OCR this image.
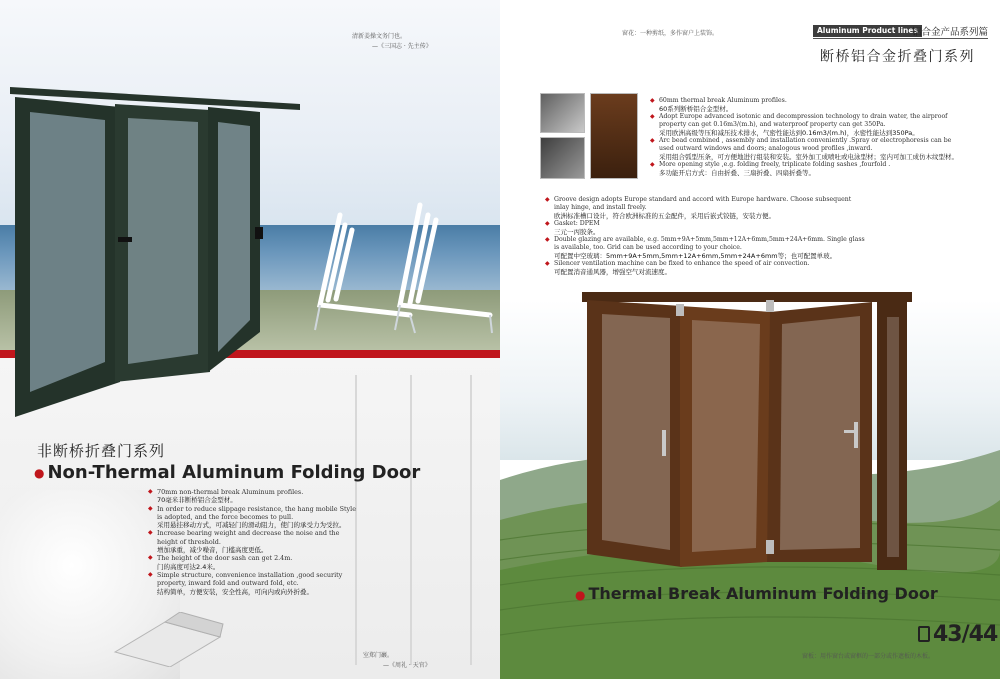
清新姜操文务门也。
—《三国志 · 先主传》
非断桥折叠门系列
● Non-Thermal Aluminum Folding Door
◆ 70mm non-thermal break Aluminum profiles.
70毫米非断桥铝合金型材。
◆ In order to reduce slippage resistance, the hang mobile Style is adopted, and the force becomes to pull.
采用悬挂移动方式，可减轻门的滑动阻力，使门的承受力为受拉。
◆ Increase bearing weight and decrease the noise and the height of threshold.
增加承重，减少噪音，门槛高度更低。
◆ The height of the door sash can get 2.4m.
门的高度可达2.4米。
◆ Simple structure, convenience installation ,good security property, inward fold and outward fold, etc.
结构简单，方便安装，安全性高，可向内或向外折叠。
室郑门巖。
—《周礼 · 天官》
窗花：一种剪纸，多作窗户上装饰。	Aluminum Product lines
铝合金产品系列篇
断桥铝合金折叠门系列
◆ 60mm thermal break Aluminum profiles.
60系列断桥铝合金型材。
◆ Adopt Europe advanced isotonic and decompression technology to drain water, the airproof property can get 0.16m3/(m.h), and waterproof property can get 350Pa.
采用欧洲高级等压和减压技术排水，气密性能达到0.16m3/(m.h)，水密性能达到350Pa。
◆ Arc bead combined , assembly and installation conveniently .Spray or electrophoresis can be used outward windows and doors; analogous wood profiles ,inward.
采用组合弧型压条，可方便地进行组装和安装。室外加工成喷吐或电泳型材；室内可加工成仿木纹型材。
◆ More opening style ,e.g. folding freely, triplicate folding sashes ,fourfold .
多功能开启方式：自由折叠、三扇折叠、四扇折叠等。
◆ Groove design adopts Europe standard and accord with Europe hardware. Choose subsequent inlay hinge, and install freely.
欧洲标准槽口设计，符合欧洲标准的五金配件，采用后嵌式铰链，安装方便。
◆ Gasket: DPEM
三元一丙胶条。
◆ Double glazing are available, e.g. 5mm+9A+5mm,5mm+12A+6mm,5mm+24A+6mm. Single glass is available, too. Grid can be used according to your choice.
可配置中空玻璃：5mm+9A+5mm,5mm+12A+6mm,5mm+24A+6mm等；也可配置单玻。
◆ Silencer ventilation machine can be fixed to enhance the speed of air convection.
可配置消音通风器，增强空气对流速度。
● Thermal Break Aluminum Folding Door
43/44
窗板：用作窗台或窗框的一部分或作遮板的木板。
